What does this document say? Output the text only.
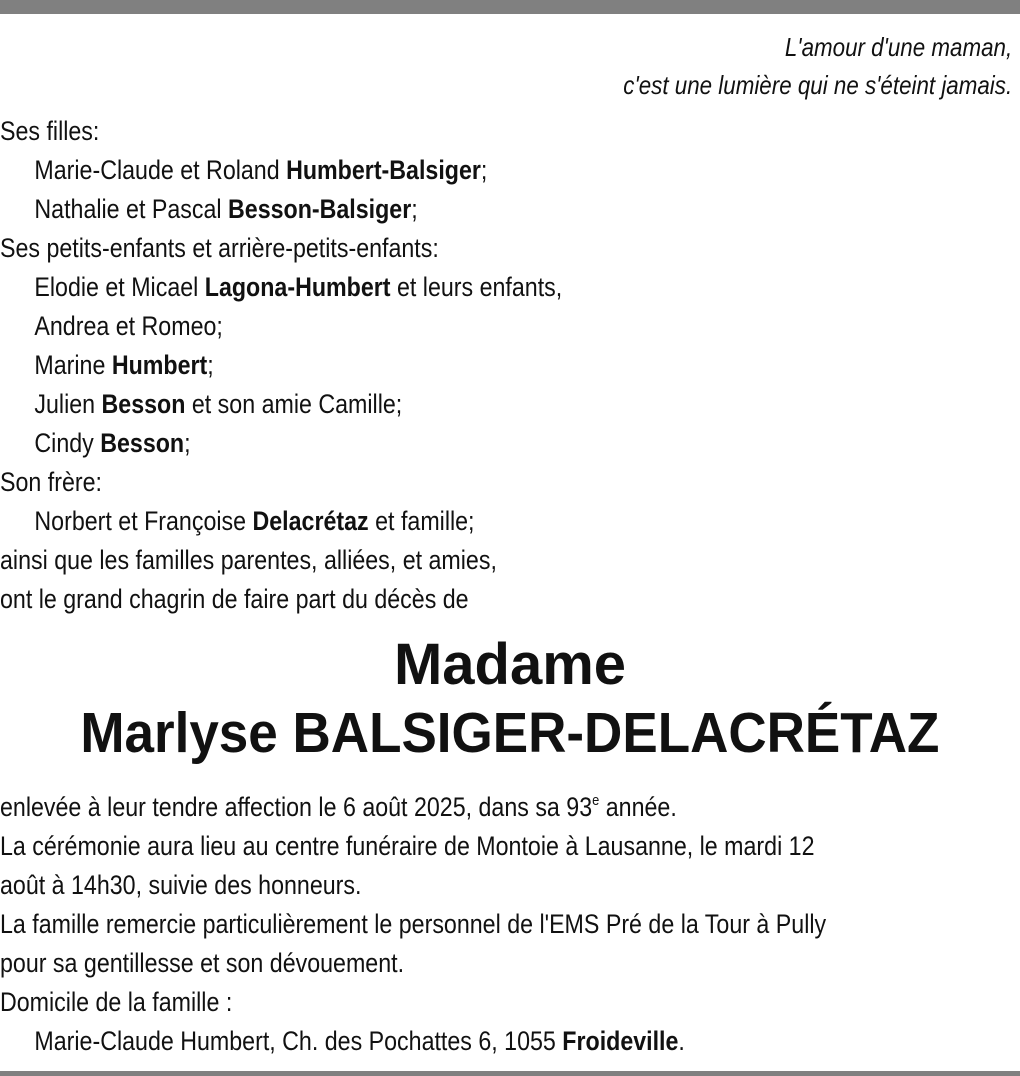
L'amour d'une maman,
c'est une lumière qui ne s'éteint jamais.
Ses filles:
Marie-Claude et Roland Humbert-Balsiger;
Nathalie et Pascal Besson-Balsiger;
Ses petits-enfants et arrière-petits-enfants:
Elodie et Micael Lagona-Humbert et leurs enfants,
Andrea et Romeo;
Marine Humbert;
Julien Besson et son amie Camille;
Cindy Besson;
Son frère:
Norbert et Françoise Delacrétaz et famille;
ainsi que les familles parentes, alliées, et amies,
ont le grand chagrin de faire part du décès de
Madame
Marlyse BALSIGER-DELACRÉTAZ
enlevée à leur tendre affection le 6 août 2025, dans sa 93e année.
La cérémonie aura lieu au centre funéraire de Montoie à Lausanne, le mardi 12
août à 14h30, suivie des honneurs.
La famille remercie particulièrement le personnel de l'EMS Pré de la Tour à Pully
pour sa gentillesse et son dévouement.
Domicile de la famille :
Marie-Claude Humbert, Ch. des Pochattes 6, 1055 Froideville.
